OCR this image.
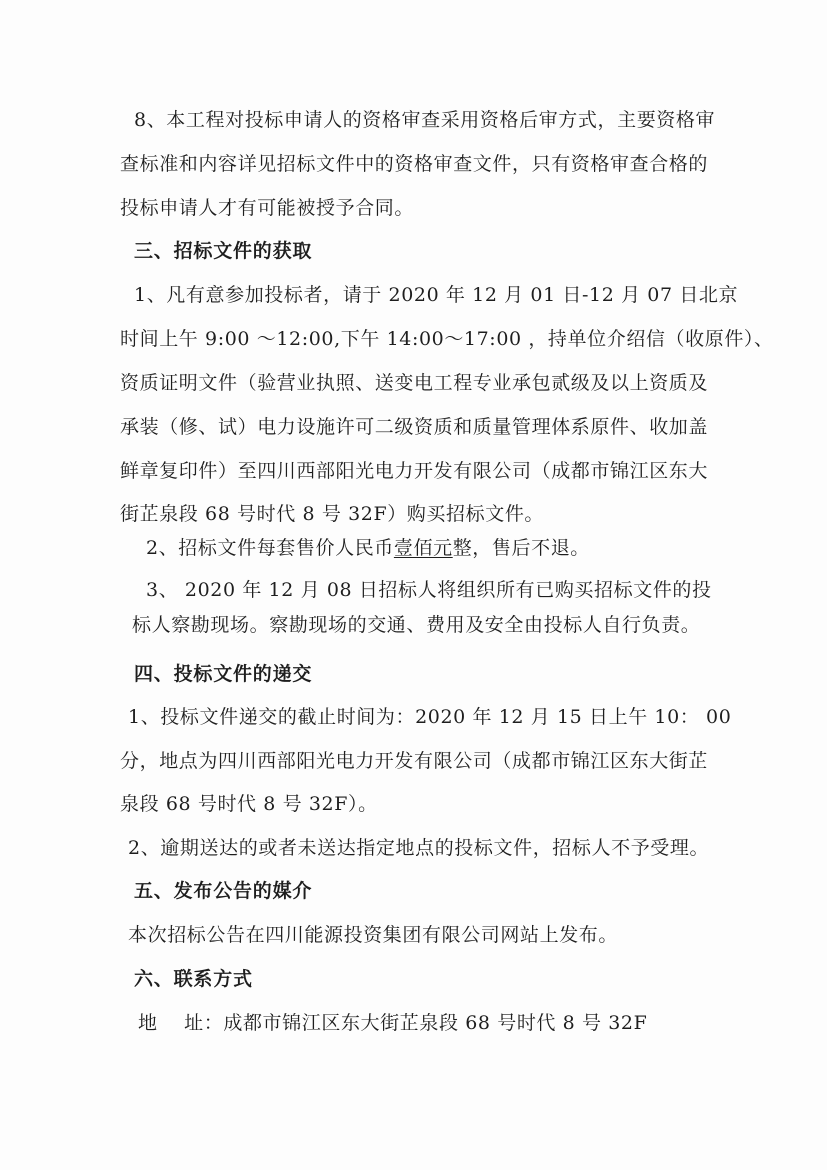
8、本工程对投标申请人的资格审查采用资格后审方式，主要资格审
查标准和内容详见招标文件中的资格审查文件，只有资格审查合格的
投标申请人才有可能被授予合同。
三、招标文件的获取
1、凡有意参加投标者，请于 2020 年 12 月 01 日-12 月 07 日北京
时间上午 9:00 ～12:00,下午 14:00～17:00 ，持单位介绍信（收原件）、
资质证明文件（验营业执照、送变电工程专业承包贰级及以上资质及
承装（修、试）电力设施许可二级资质和质量管理体系原件、收加盖
鲜章复印件）至四川西部阳光电力开发有限公司（成都市锦江区东大
街芷泉段 68 号时代 8 号 32F）购买招标文件。
2、招标文件每套售价人民币壹佰元整，售后不退。
3、 2020 年 12 月 08 日招标人将组织所有已购买招标文件的投
标人察勘现场。察勘现场的交通、费用及安全由投标人自行负责。
四、投标文件的递交
1、投标文件递交的截止时间为：2020 年 12 月 15 日上午 10： 00
分，地点为四川西部阳光电力开发有限公司（成都市锦江区东大街芷
泉段 68 号时代 8 号 32F）。
2、逾期送达的或者未送达指定地点的投标文件，招标人不予受理。
五、发布公告的媒介
本次招标公告在四川能源投资集团有限公司网站上发布。
六、联系方式
地    址：成都市锦江区东大街芷泉段 68 号时代 8 号 32F
